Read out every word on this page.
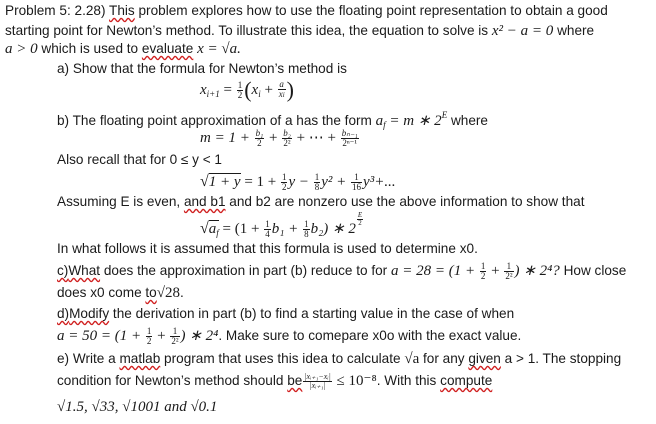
Problem 5: 2.28) This problem explores how to use the floating point representation to obtain a good
starting point for Newton’s method. To illustrate this idea, the equation to solve is x² − a = 0 where
a > 0 which is used to evaluate x = √a.
a) Show that the formula for Newton’s method is
$x_{i+1} = \frac{1}{2} (x_i + \frac{a}{xi}$ )
b) The floating point approximation of a has the form $a_f = m$ ∗ $2^E$ where
$m = 1 + \frac{\text{b₁}}{2} + \frac{\text{b₂}}{\text{2²}}$ + ⋯ + $\frac{\text{bₙ₋₁}}{\text{2ⁿ⁻¹}}$
Also recall that for 0 ≤ y < 1
$√1 + y = 1 + \frac{1}{2}$ $y - \frac{1}{8} y^2 + \frac{1}{16} y^3+$...
Assuming E is even, and b1 and b2 are nonzero use the above information to show that
$√a_f = (1 + \frac{1}{4} b_1 + \frac{1}{8} b_2)$ ∗ 2
$\frac{E}{2}$
In what follows it is assumed that this formula is used to determine x0.
c)What does the approximation in part (b) reduce to for $a = 28 = (1 + \frac{1}{2} + \frac{1}{\text{2²}}$ ) ∗ 2⁴? How close
does x0 come to√28.
d)Modify the derivation in part (b) to find a starting value in the case of when
$a = 50 = (1 + \frac{1}{2} + \frac{1}{\text{2²}}$ ) ∗ 2⁴. Make sure to comepare x0o with the exact value.
e) Write a matlab program that uses this idea to calculate √a for any given a > 1. The stopping
condition for Newton’s method should be $\frac{\text{|xᵢ₊₁−xᵢ|}}{\text{|xᵢ₊₁|}} \le 10^{-8}$. With this compute
√1.5, √33, √1001 and √0.1
